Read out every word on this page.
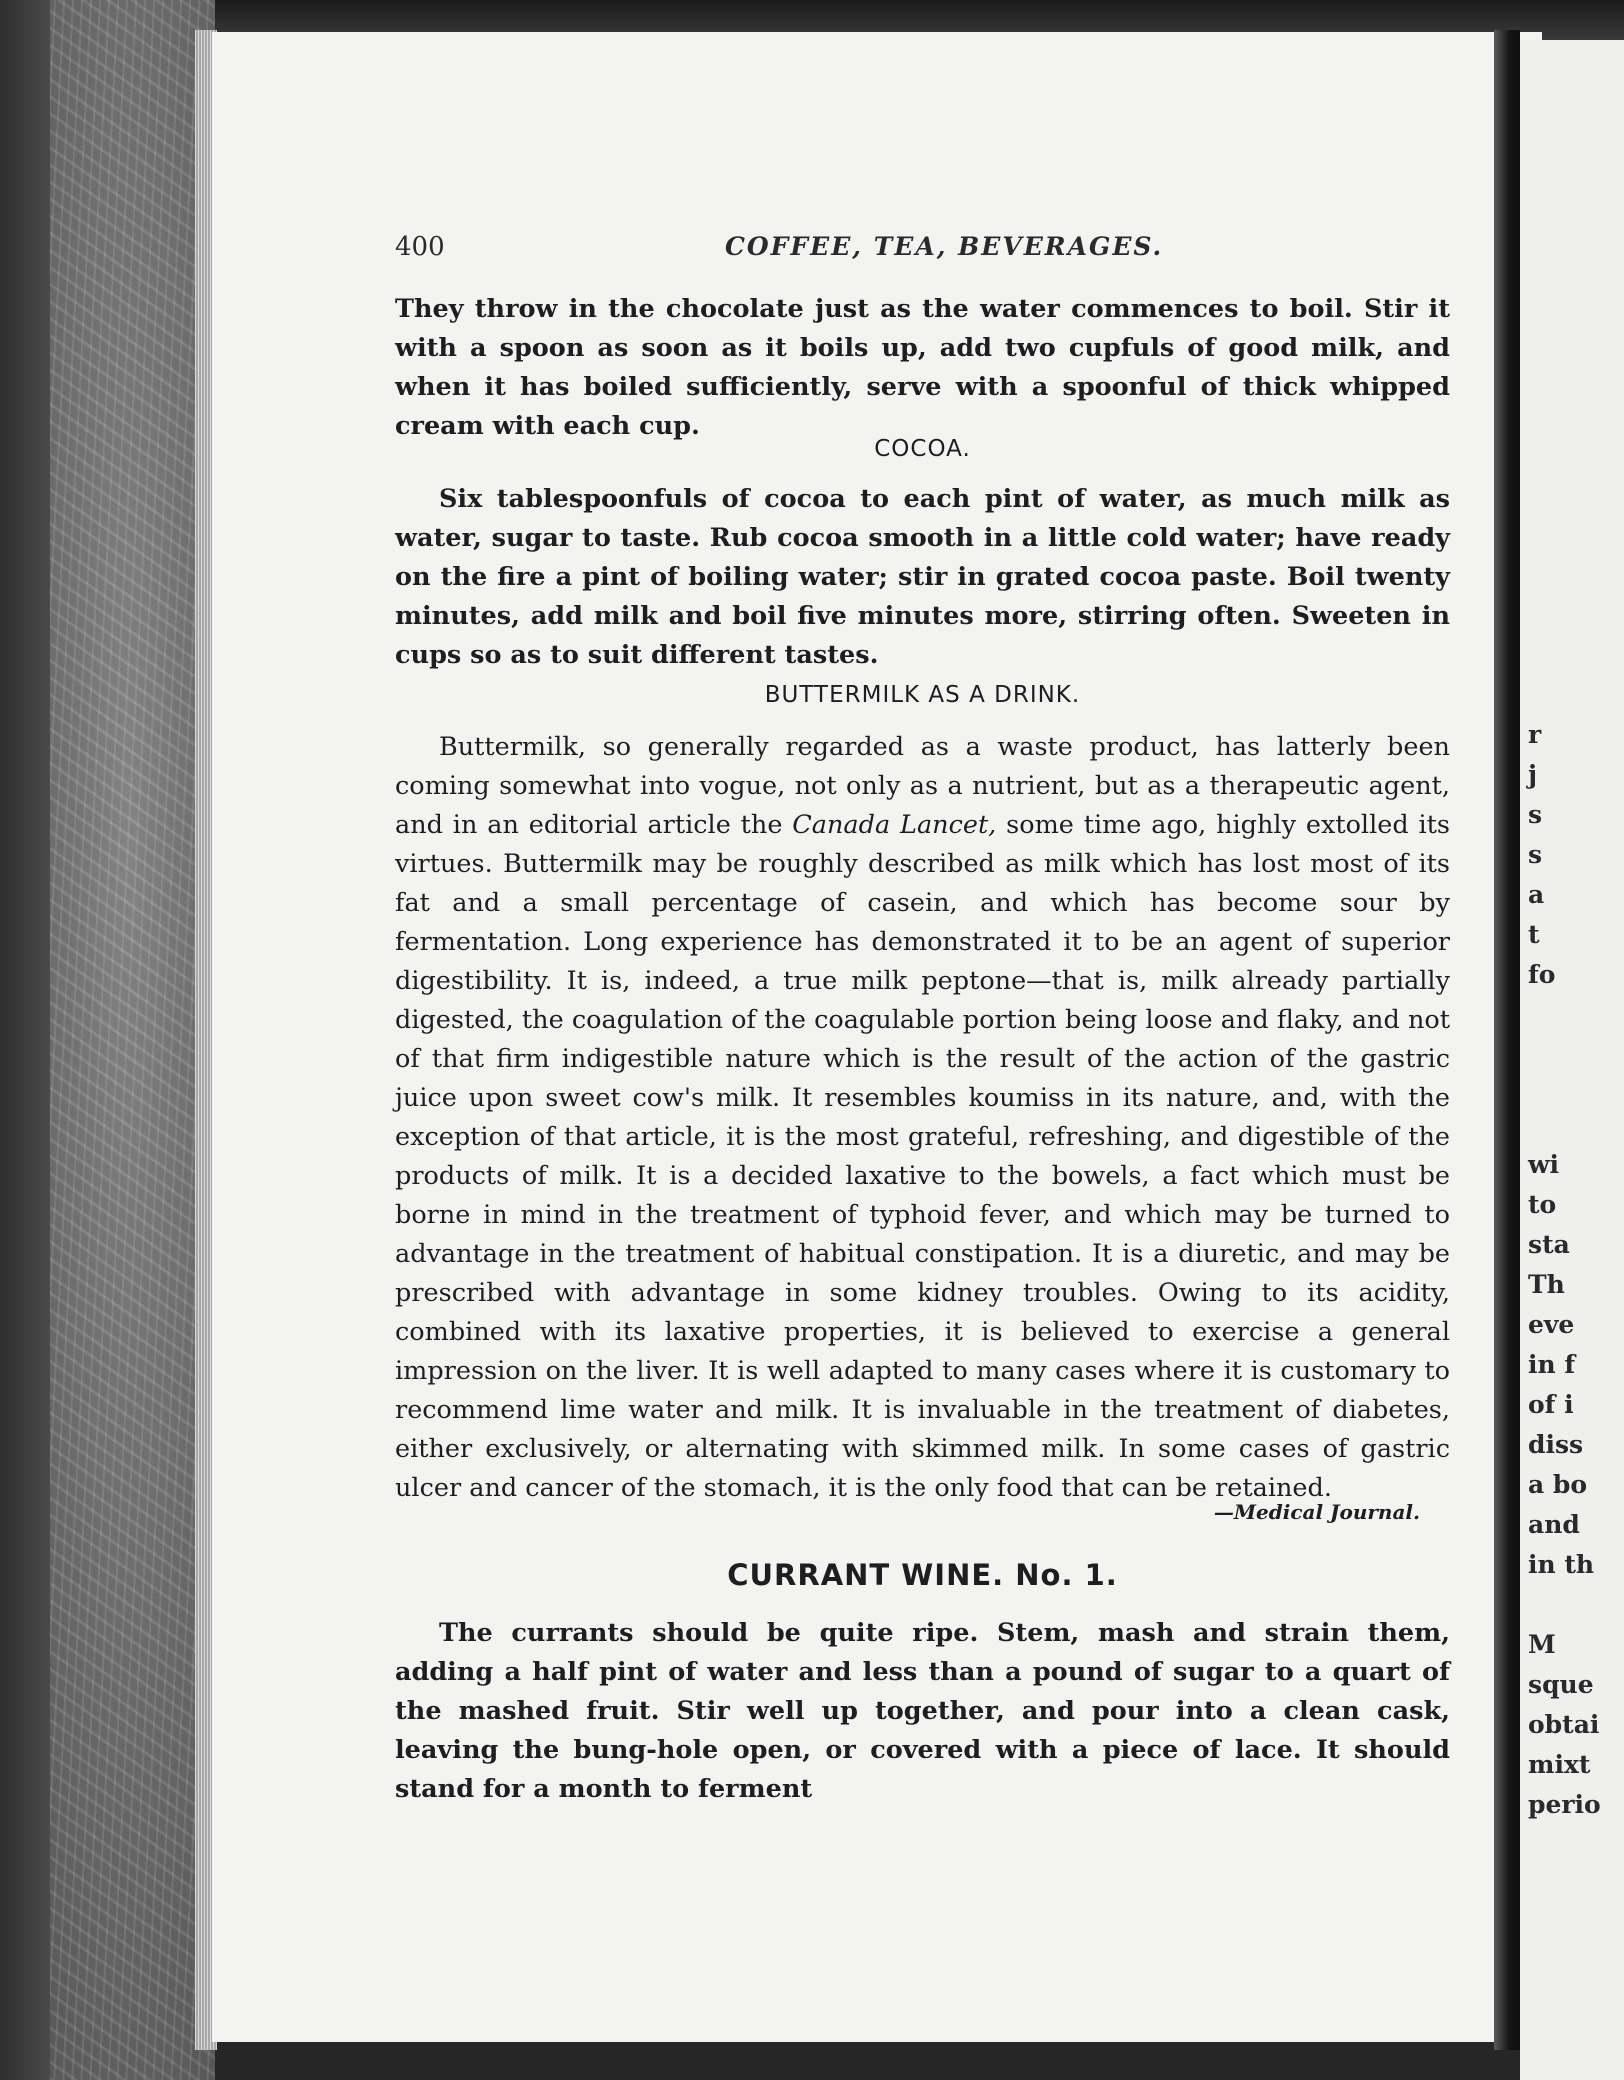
r

j

s

s

a

t

fo

wi

to

sta

Th

eve

in f

of i

diss

a bo

and

in th

M

sque

obtai

mixt

perio

400	COFFEE, TEA, BEVERAGES.

They throw in the chocolate just as the water commences to boil. Stir it with a spoon as soon as it boils up, add two cupfuls of good milk, and when it has boiled sufficiently, serve with a spoonful of thick whipped cream with each cup.

COCOA.

Six tablespoonfuls of cocoa to each pint of water, as much milk as water, sugar to taste. Rub cocoa smooth in a little cold water; have ready on the fire a pint of boiling water; stir in grated cocoa paste. Boil twenty minutes, add milk and boil five minutes more, stirring often. Sweeten in cups so as to suit different tastes.

BUTTERMILK AS A DRINK.

Buttermilk, so generally regarded as a waste product, has latterly been coming somewhat into vogue, not only as a nutrient, but as a therapeutic agent, and in an editorial article the Canada Lancet, some time ago, highly extolled its virtues. Buttermilk may be roughly described as milk which has lost most of its fat and a small percentage of casein, and which has become sour by fermentation. Long experience has demonstrated it to be an agent of superior digestibility. It is, indeed, a true milk peptone—that is, milk already partially digested, the coagulation of the coagulable portion being loose and flaky, and not of that firm indigestible nature which is the result of the action of the gastric juice upon sweet cow's milk. It resembles koumiss in its nature, and, with the exception of that article, it is the most grateful, refreshing, and digestible of the products of milk. It is a decided laxative to the bowels, a fact which must be borne in mind in the treatment of typhoid fever, and which may be turned to advantage in the treatment of habitual constipation. It is a diuretic, and may be prescribed with advantage in some kidney troubles. Owing to its acidity, combined with its laxative properties, it is believed to exercise a general impression on the liver. It is well adapted to many cases where it is customary to recommend lime water and milk. It is invaluable in the treatment of diabetes, either exclusively, or alternating with skimmed milk. In some cases of gastric ulcer and cancer of the stomach, it is the only food that can be retained.

—Medical Journal.
CURRANT WINE. No. 1.

The currants should be quite ripe. Stem, mash and strain them, adding a half pint of water and less than a pound of sugar to a quart of the mashed fruit. Stir well up together, and pour into a clean cask, leaving the bung-hole open, or covered with a piece of lace. It should stand for a month to ferment
